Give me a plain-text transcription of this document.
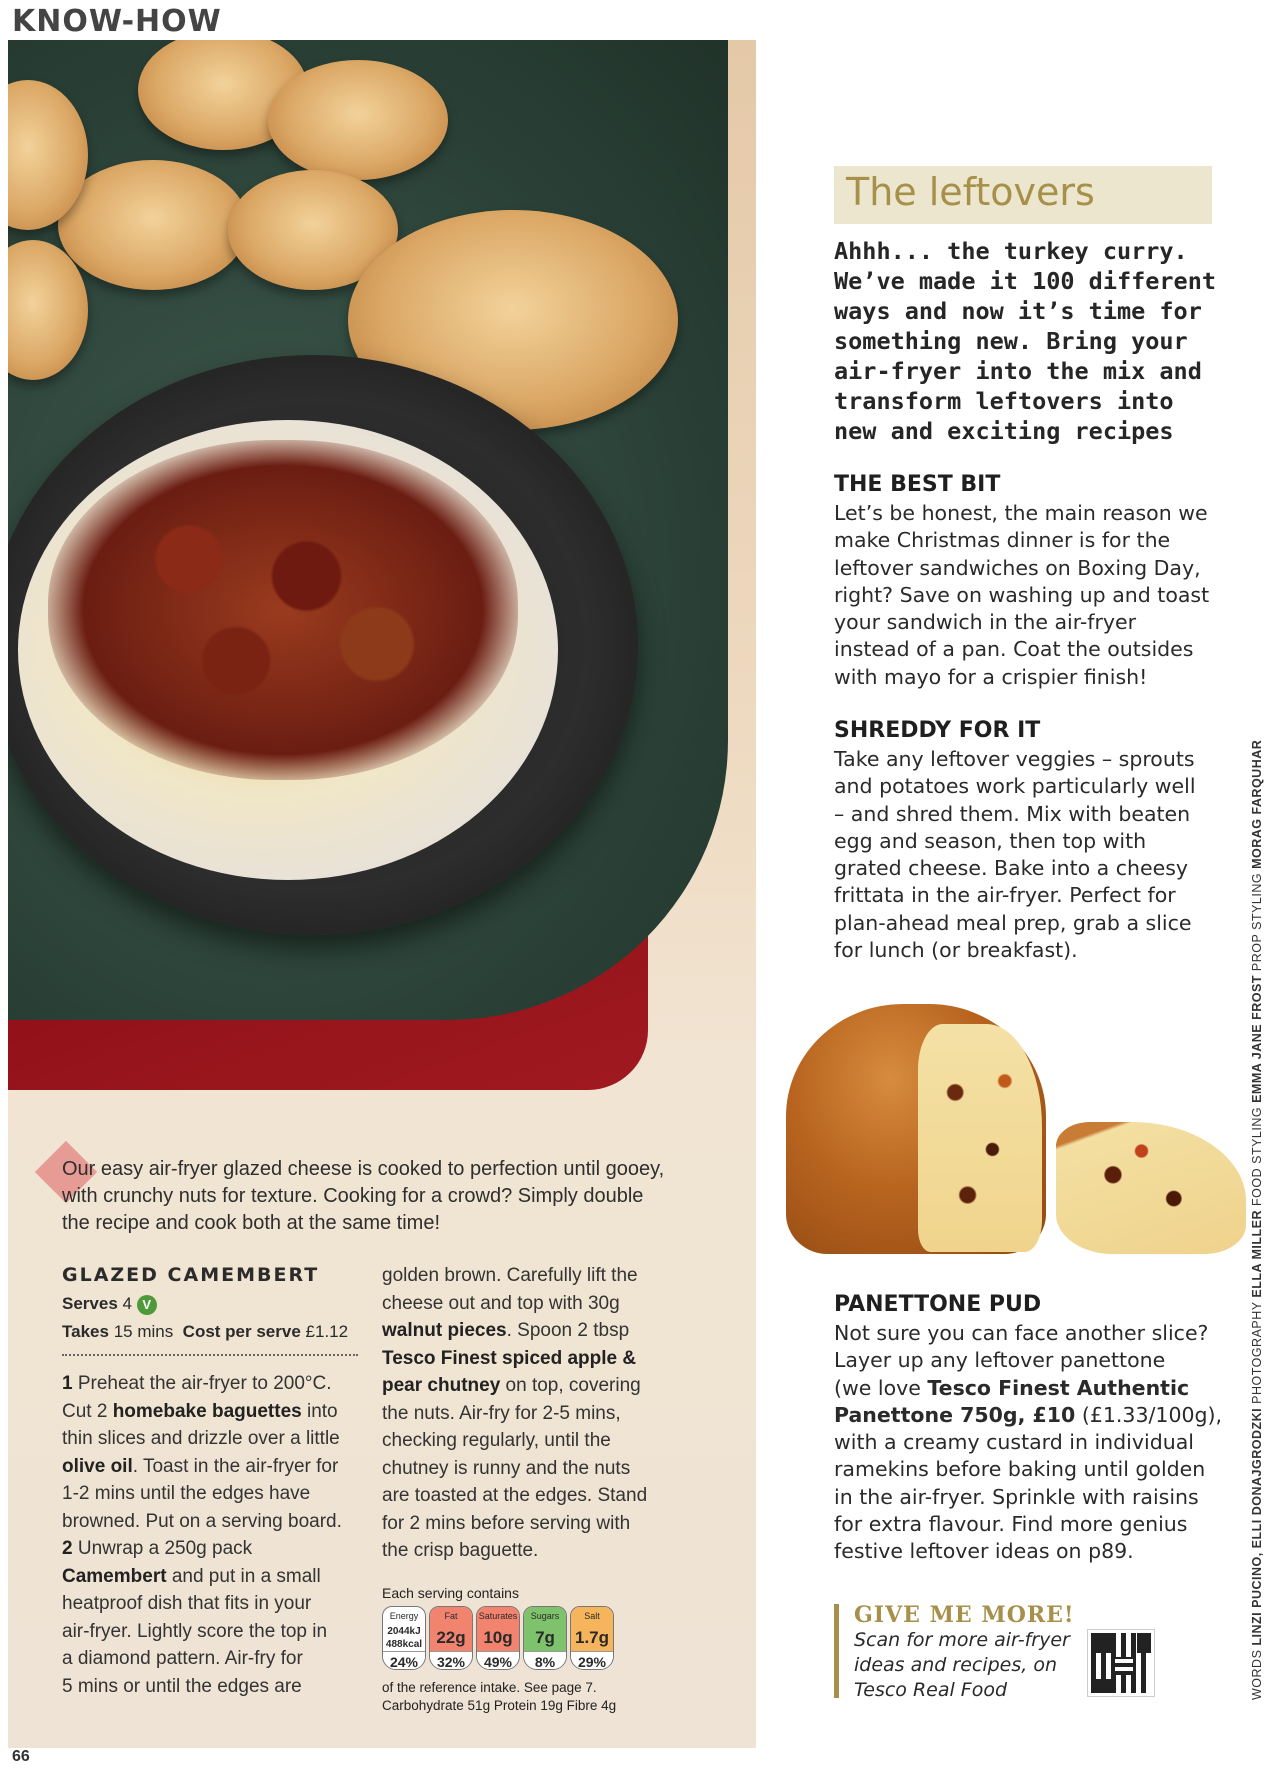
KNOW-HOW
Our easy air-fryer glazed cheese is cooked to perfection until gooey, with crunchy nuts for texture. Cooking for a crowd? Simply double the recipe and cook both at the same time!
GLAZED CAMEMBERT
Serves 4 V
Takes 15 mins Cost per serve £1.12
1 Preheat the air-fryer to 200°C.
Cut 2 homebake baguettes into
thin slices and drizzle over a little
olive oil. Toast in the air-fryer for
1-2 mins until the edges have
browned. Put on a serving board.
2 Unwrap a 250g pack
Camembert and put in a small
heatproof dish that fits in your
air-fryer. Lightly score the top in
a diamond pattern. Air-fry for
5 mins or until the edges are
golden brown. Carefully lift the
cheese out and top with 30g
walnut pieces. Spoon 2 tbsp
Tesco Finest spiced apple &
pear chutney on top, covering
the nuts. Air-fry for 2-5 mins,
checking regularly, until the
chutney is runny and the nuts
are toasted at the edges. Stand
for 2 mins before serving with
the crisp baguette.
Each serving contains
Energy
2044kJ
488kcal
24%
Fat
22g
32%
Saturates
10g
49%
Sugars
7g
8%
Salt
1.7g
29%
of the reference intake. See page 7.
Carbohydrate 51g Protein 19g Fibre 4g
The leftovers
Ahhh... the turkey curry.
We’ve made it 100 different
ways and now it’s time for
something new. Bring your
air-fryer into the mix and
transform leftovers into
new and exciting recipes
THE BEST BIT
Let’s be honest, the main reason we
make Christmas dinner is for the
leftover sandwiches on Boxing Day,
right? Save on washing up and toast
your sandwich in the air-fryer
instead of a pan. Coat the outsides
with mayo for a crispier finish!
SHREDDY FOR IT
Take any leftover veggies – sprouts
and potatoes work particularly well
– and shred them. Mix with beaten
egg and season, then top with
grated cheese. Bake into a cheesy
frittata in the air-fryer. Perfect for
plan-ahead meal prep, grab a slice
for lunch (or breakfast).
PANETTONE PUD
Not sure you can face another slice?
Layer up any leftover panettone
(we love Tesco Finest Authentic
Panettone 750g, £10 (£1.33/100g),
with a creamy custard in individual
ramekins before baking until golden
in the air-fryer. Sprinkle with raisins
for extra flavour. Find more genius
festive leftover ideas on p89.
GIVE ME MORE!
Scan for more air-fryer
ideas and recipes, on
Tesco Real Food	WORDS LINZI PUCINO, ELLI DONAJGRODZKI PHOTOGRAPHY ELLA MILLER FOOD STYLING EMMA JANE FROST PROP STYLING MORAG FARQUHAR
66
